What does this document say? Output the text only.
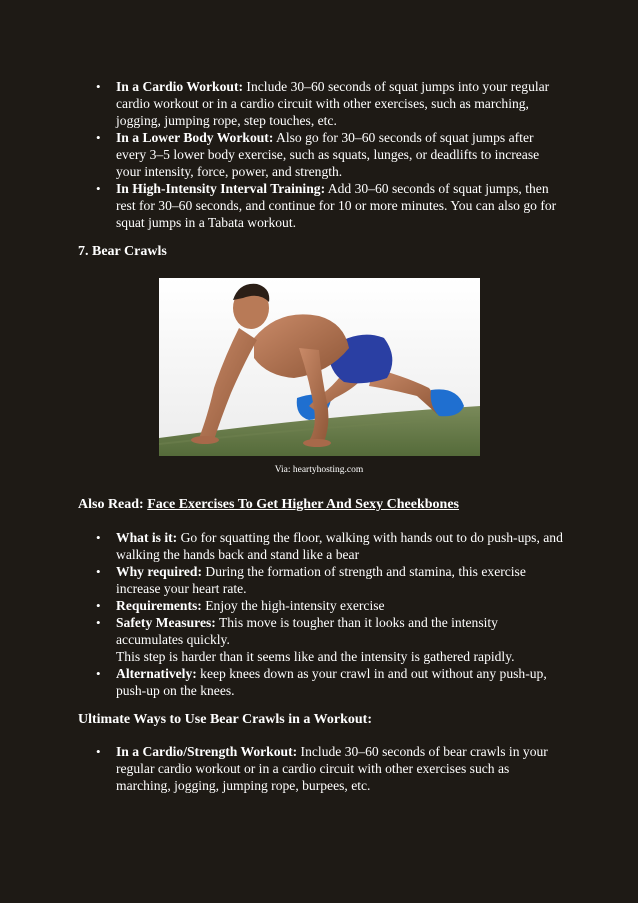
• In a Cardio Workout: Include 30–60 seconds of squat jumps into your regular cardio workout or in a cardio circuit with other exercises, such as marching, jogging, jumping rope, step touches, etc.
• In a Lower Body Workout: Also go for 30–60 seconds of squat jumps after every 3–5 lower body exercise, such as squats, lunges, or deadlifts to increase your intensity, force, power, and strength.
• In High-Intensity Interval Training: Add 30–60 seconds of squat jumps, then rest for 30–60 seconds, and continue for 10 or more minutes. You can also go for squat jumps in a Tabata workout.
7. Bear Crawls
Via: heartyhosting.com
Also Read: Face Exercises To Get Higher And Sexy Cheekbones
• What is it: Go for squatting the floor, walking with hands out to do push-ups, and walking the hands back and stand like a bear
• Why required: During the formation of strength and stamina, this exercise increase your heart rate.
• Requirements: Enjoy the high-intensity exercise
• Safety Measures: This move is tougher than it looks and the intensity accumulates quickly.
This step is harder than it seems like and the intensity is gathered rapidly.
• Alternatively: keep knees down as your crawl in and out without any push-up, push-up on the knees.
Ultimate Ways to Use Bear Crawls in a Workout:
• In a Cardio/Strength Workout: Include 30–60 seconds of bear crawls in your regular cardio workout or in a cardio circuit with other exercises such as marching, jogging, jumping rope, burpees, etc.
